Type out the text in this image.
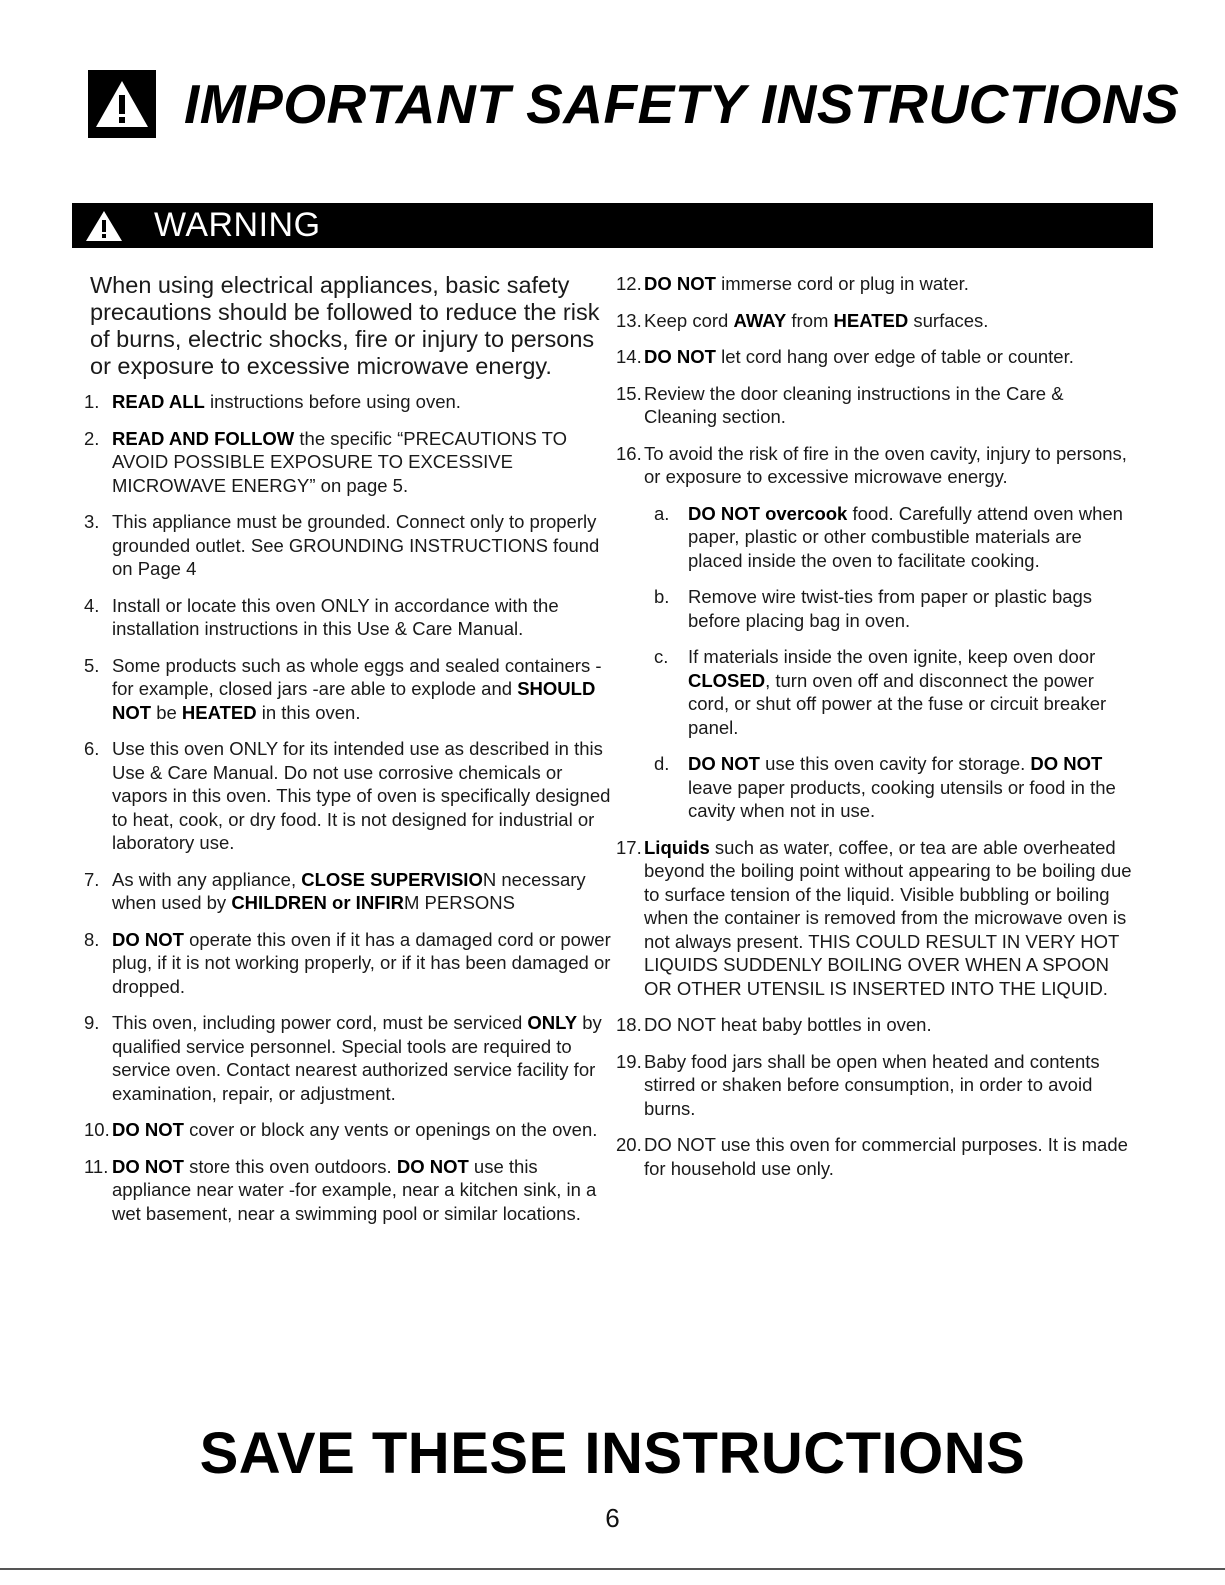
IMPORTANT SAFETY INSTRUCTIONS
WARNING

When using electrical appliances, basic safety precautions should be followed to reduce the risk of burns, electric shocks, fire or injury to persons or exposure to excessive microwave energy.

1. READ ALL instructions before using oven.
2. READ AND FOLLOW the specific “PRECAUTIONS TO AVOID POSSIBLE EXPOSURE TO EXCESSIVE MICROWAVE ENERGY” on page 5.
3. This appliance must be grounded. Connect only to properly grounded outlet. See GROUNDING INSTRUCTIONS found on Page 4
4. Install or locate this oven ONLY in accordance with the installation instructions in this Use & Care Manual.
5. Some products such as whole eggs and sealed containers -for example, closed jars -are able to explode and SHOULD NOT be HEATED in this oven.
6. Use this oven ONLY for its intended use as described in this Use & Care Manual. Do not use corrosive chemicals or vapors in this oven. This type of oven is specifically designed to heat, cook, or dry food. It is not designed for industrial or laboratory use.
7. As with any appliance, CLOSE SUPERVISION necessary when used by CHILDREN or INFIRM PERSONS
8. DO NOT operate this oven if it has a damaged cord or power plug, if it is not working properly, or if it has been damaged or dropped.
9. This oven, including power cord, must be serviced ONLY by qualified service personnel. Special tools are required to service oven. Contact nearest authorized service facility for examination, repair, or adjustment.
10. DO NOT cover or block any vents or openings on the oven.
11. DO NOT store this oven outdoors. DO NOT use this appliance near water -for example, near a kitchen sink, in a wet basement, near a swimming pool or similar locations.
12. DO NOT immerse cord or plug in water.
13. Keep cord AWAY from HEATED surfaces.
14. DO NOT let cord hang over edge of table or counter.
15. Review the door cleaning instructions in the Care & Cleaning section.
16. To avoid the risk of fire in the oven cavity, injury to persons, or exposure to excessive microwave energy.
a. DO NOT overcook food. Carefully attend oven when paper, plastic or other combustible materials are placed inside the oven to facilitate cooking.
b. Remove wire twist-ties from paper or plastic bags before placing bag in oven.
c. If materials inside the oven ignite, keep oven door CLOSED, turn oven off and disconnect the power cord, or shut off power at the fuse or circuit breaker panel.
d. DO NOT use this oven cavity for storage. DO NOT leave paper products, cooking utensils or food in the cavity when not in use.
17. Liquids such as water, coffee, or tea are able overheated beyond the boiling point without appearing to be boiling due to surface tension of the liquid. Visible bubbling or boiling when the container is removed from the microwave oven is not always present. THIS COULD RESULT IN VERY HOT LIQUIDS SUDDENLY BOILING OVER WHEN A SPOON OR OTHER UTENSIL IS INSERTED INTO THE LIQUID.
18. DO NOT heat baby bottles in oven.
19. Baby food jars shall be open when heated and contents stirred or shaken before consumption, in order to avoid burns.
20. DO NOT use this oven for commercial purposes. It is made for household use only.
SAVE THESE INSTRUCTIONS
6
